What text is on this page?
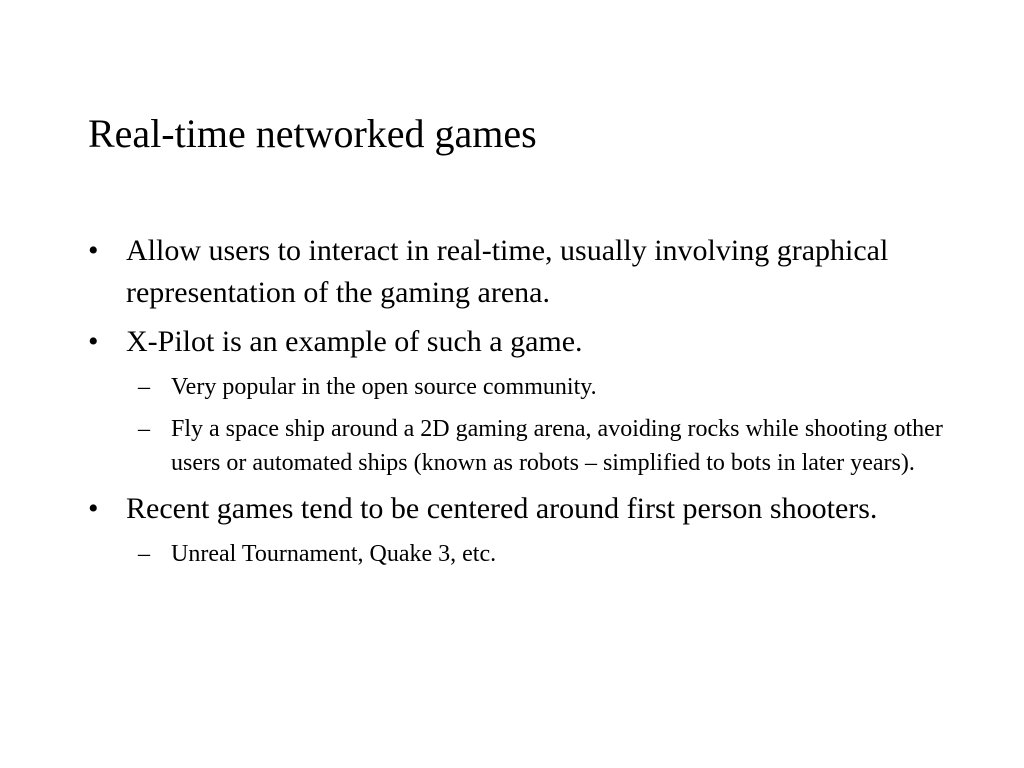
Real-time networked games
• Allow users to interact in real-time, usually involving graphical representation of the gaming arena.
• X-Pilot is an example of such a game.
– Very popular in the open source community.
– Fly a space ship around a 2D gaming arena, avoiding rocks while shooting other users or automated ships (known as robots – simplified to bots in later years).
• Recent games tend to be centered around first person shooters.
– Unreal Tournament, Quake 3, etc.
